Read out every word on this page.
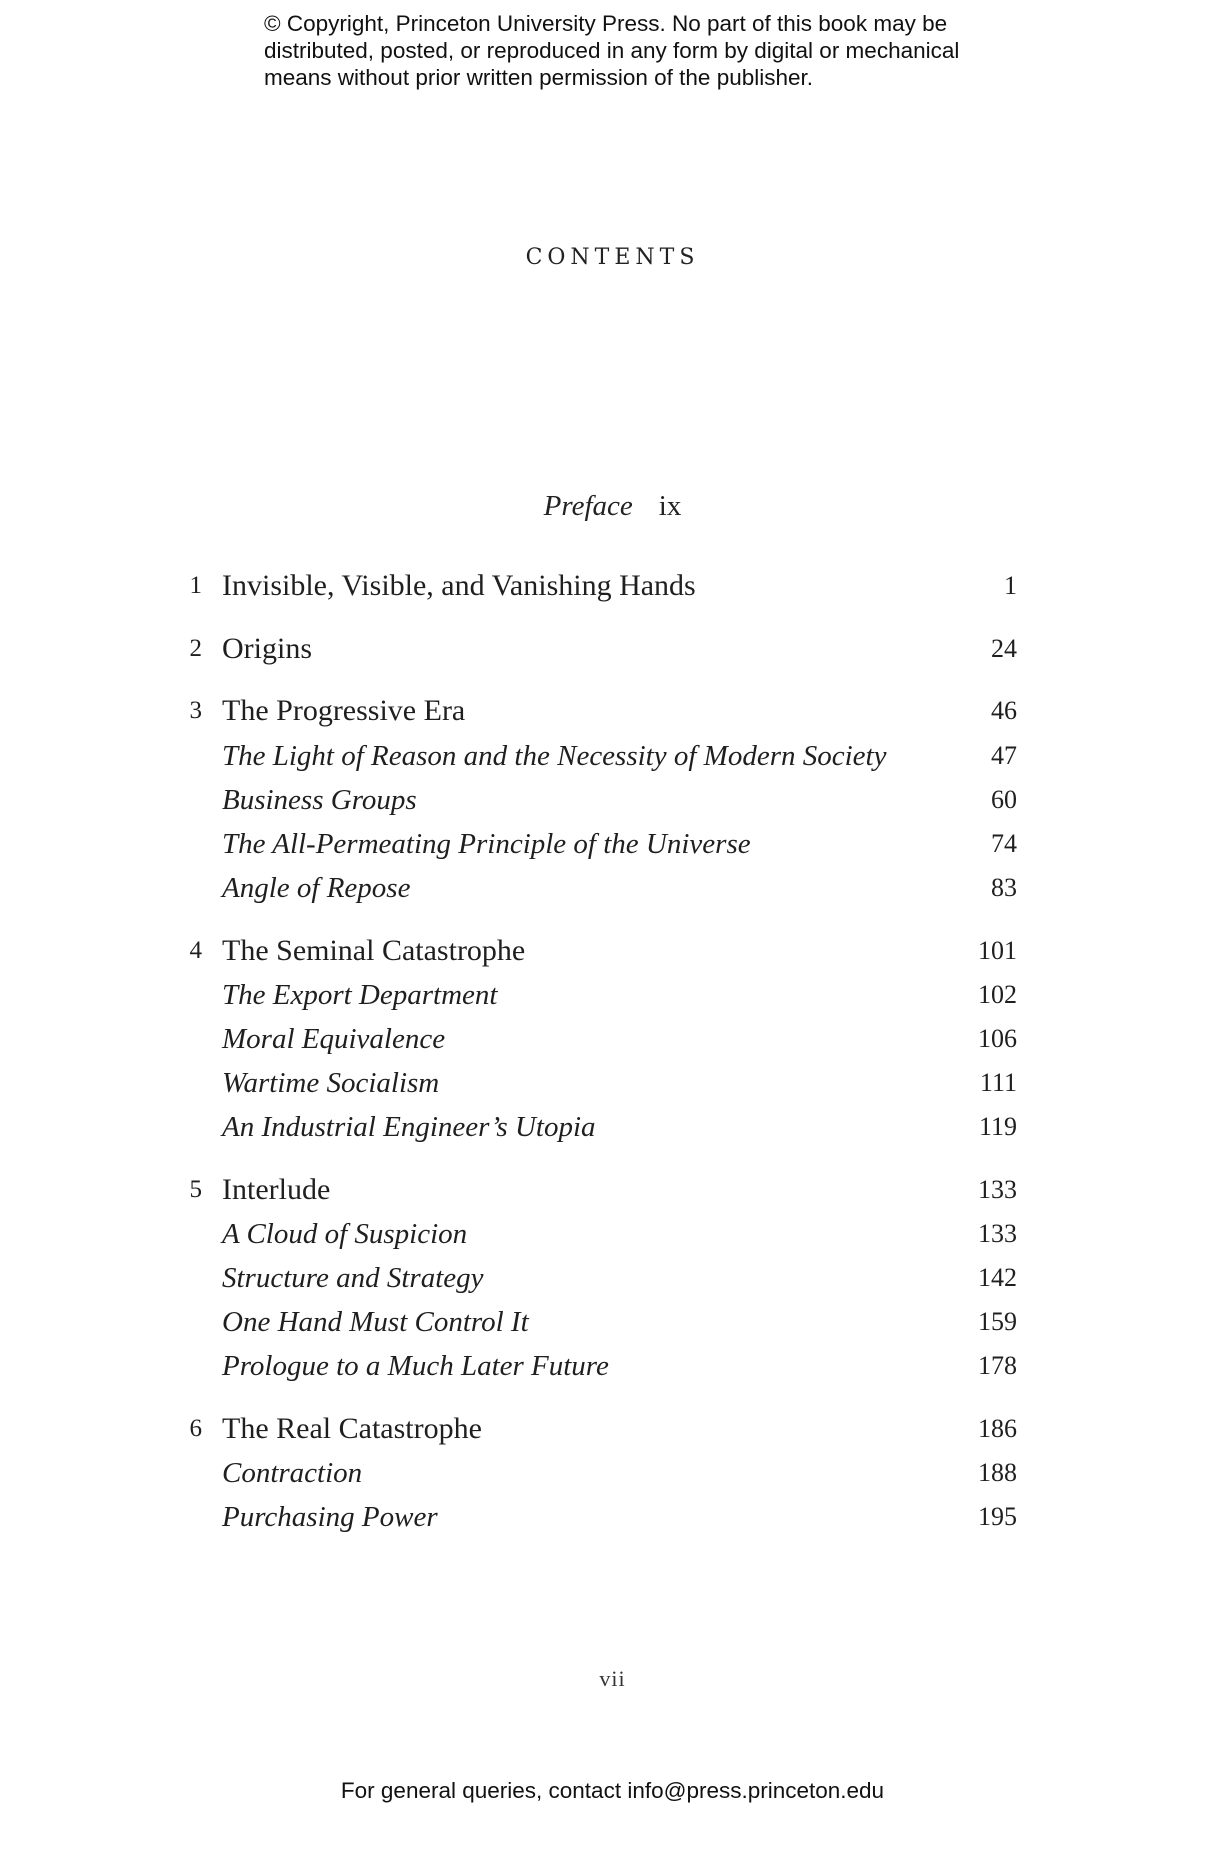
© Copyright, Princeton University Press. No part of this book may be
distributed, posted, or reproduced in any form by digital or mechanical
means without prior written permission of the publisher.
CONTENTS
Preface ix
1 Invisible, Visible, and Vanishing Hands	1
2 Origins	24
3 The Progressive Era	46
The Light of Reason and the Necessity of Modern Society	47
Business Groups	60
The All-Permeating Principle of the Universe	74
Angle of Repose	83
4 The Seminal Catastrophe	101
The Export Department	102
Moral Equivalence	106
Wartime Socialism	111
An Industrial Engineer’s Utopia	119
5 Interlude	133
A Cloud of Suspicion	133
Structure and Strategy	142
One Hand Must Control It	159
Prologue to a Much Later Future	178
6 The Real Catastrophe	186
Contraction	188
Purchasing Power	195
vii
For general queries, contact info@press.princeton.edu
